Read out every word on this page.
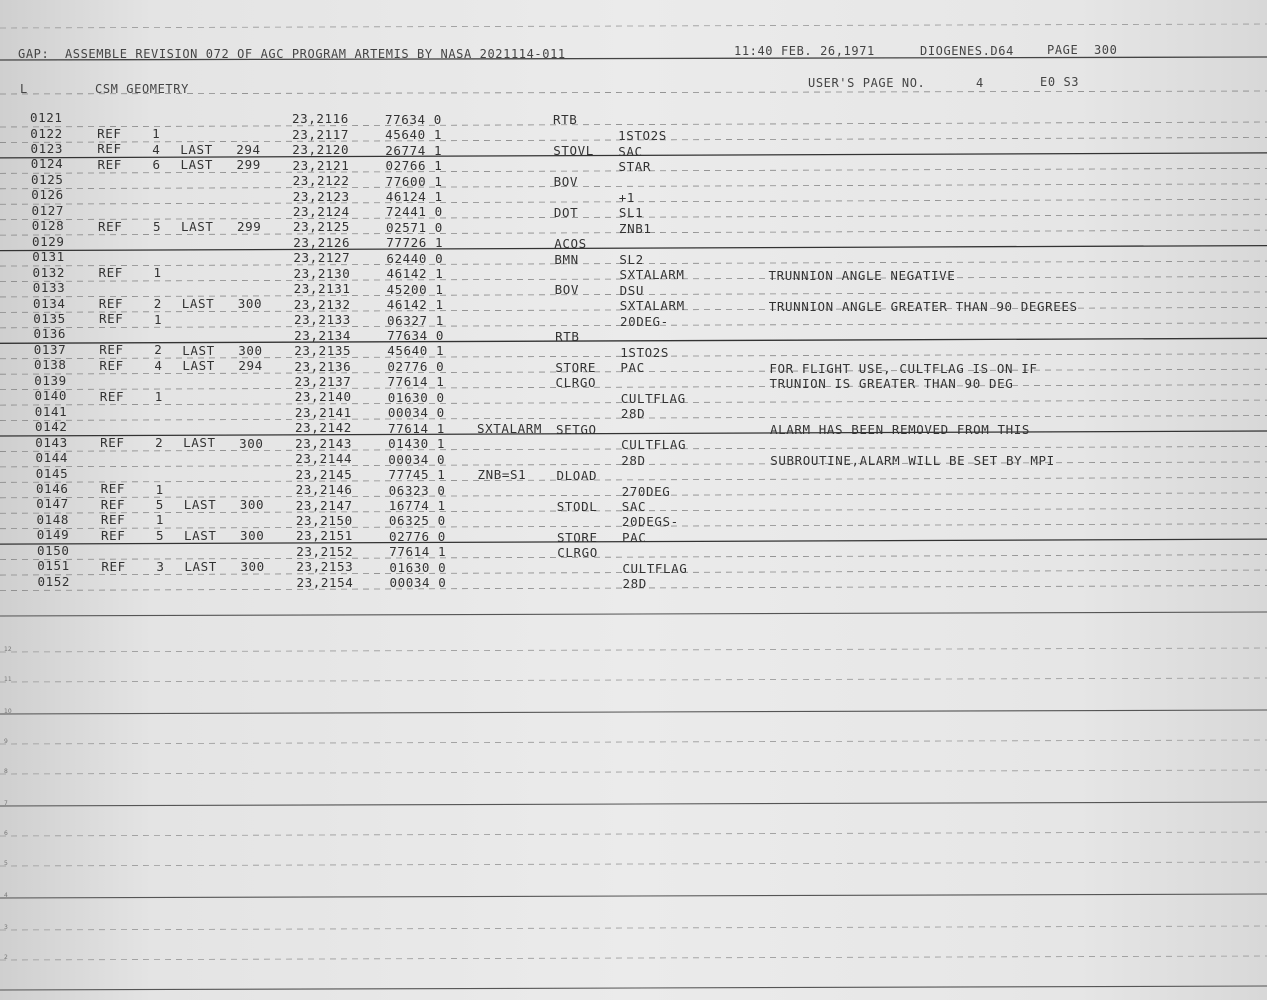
GAP:  ASSEMBLE REVISION 072 OF AGC PROGRAM ARTEMIS BY NASA 2021114-011	11:40 FEB. 26,1971	DIOGENES.D64	PAGE  300
L	CSM GEOMETRY	USER'S PAGE NO.	4	E0 S3
0121	23,2116	77634 0	RTB
0122	REF 1	23,2117	45640 1	1STO2S
0123	REF 4 LAST 294	23,2120	26774 1	STOVL SAC
0124	REF 6 LAST 299	23,2121	02766 1	STAR
0125	23,2122	77600 1	BOV
0126	23,2123	46124 1	+1
0127	23,2124	72441 0	DOT	SL1
0128	REF 5 LAST 299	23,2125	02571 0	ZNB1
0129	23,2126	77726 1	ACOS
0131	23,2127	62440 0	BMN	SL2
0132	REF 1	23,2130	46142 1	SXTALARM	TRUNNION ANGLE NEGATIVE
0133	23,2131	45200 1	BOV	DSU
0134	REF 2 LAST 300	23,2132	46142 1	SXTALARM	TRUNNION ANGLE GREATER THAN 90 DEGREES
0135	REF 1	23,2133	06327 1	20DEG-
0136	23,2134	77634 0	RTB
0137	REF 2 LAST 300	23,2135	45640 1	1STO2S
0138	REF 4 LAST 294	23,2136	02776 0	STORE PAC	FOR FLIGHT USE, CULTFLAG IS ON IF
0139	23,2137	77614 1	CLRGO	TRUNION IS GREATER THAN 90 DEG
0140	REF 1	23,2140	01630 0	CULTFLAG
0141	23,2141	00034 0	28D
0142	23,2142	77614 1	SXTALARM SETGO	ALARM HAS BEEN REMOVED FROM THIS
0143	REF 2 LAST 300	23,2143	01430 1	CULTFLAG
0144	23,2144	00034 0	28D	SUBROUTINE,ALARM WILL BE SET BY MPI
0145	23,2145	77745 1	ZNB=S1 DLOAD
0146	REF 1	23,2146	06323 0	270DEG
0147	REF 5 LAST 300	23,2147	16774 1	STODL SAC
0148	REF 1	23,2150	06325 0	20DEGS-
0149	REF 5 LAST 300	23,2151	02776 0	STORE PAC
0150	23,2152	77614 1	CLRGO
0151	REF 3 LAST 300	23,2153	01630 0	CULTFLAG
0152	23,2154	00034 0	28D
12
11
10
9
8
7
6
5
4
3
2
